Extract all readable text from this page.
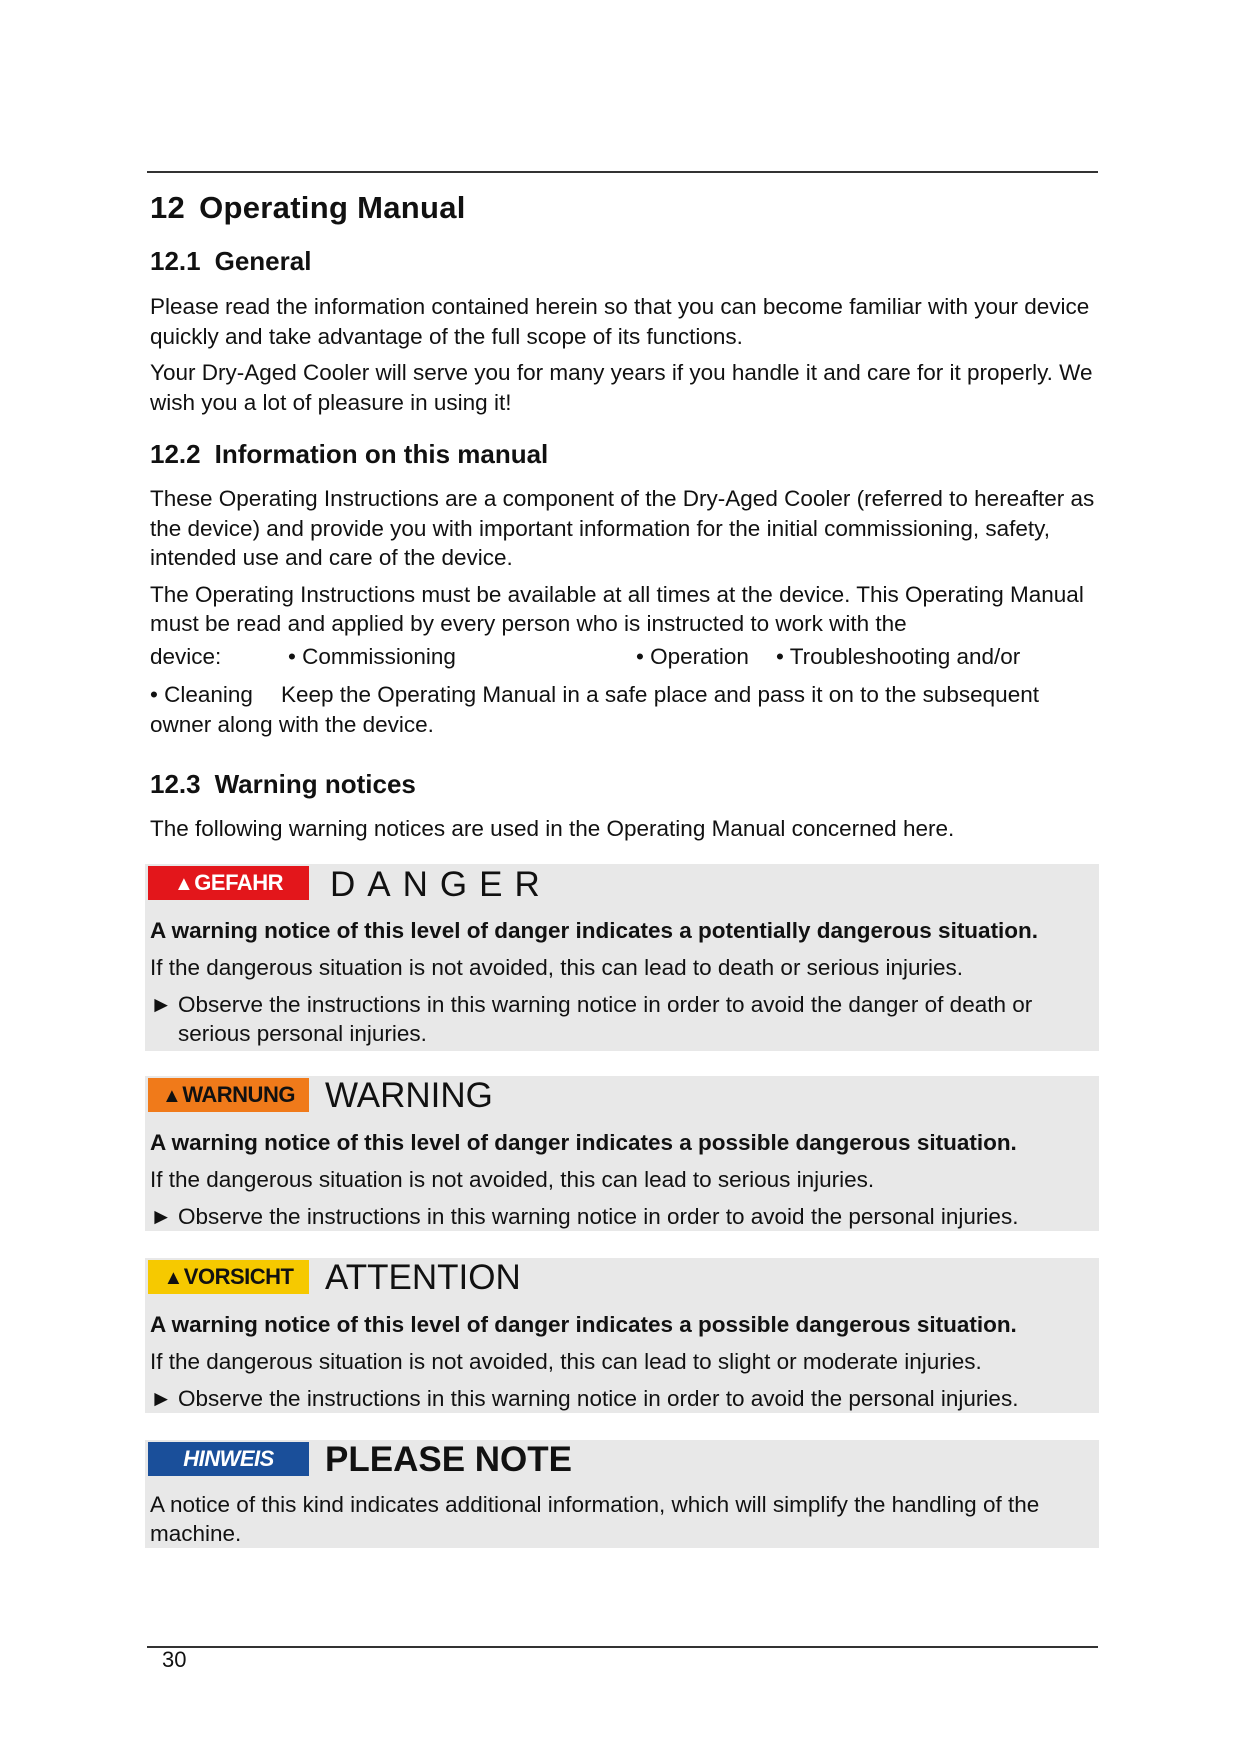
12 Operating Manual
12.1 General

Please read the information contained herein so that you can become familiar with your device quickly and take advantage of the full scope of its functions.

Your Dry-Aged Cooler will serve you for many years if you handle it and care for it properly. We wish you a lot of pleasure in using it!

12.2 Information on this manual

These Operating Instructions are a component of the Dry-Aged Cooler (referred to hereafter as the device) and provide you with important information for the initial commissioning, safety, intended use and care of the device.

The Operating Instructions must be available at all times at the device. This Operating Manual must be read and applied by every person who is instructed to work with the

device:	• Commissioning	• Operation	• Troubleshooting and/or
• Cleaning Keep the Operating Manual in a safe place and pass it on to the subsequent owner along with the device.
12.3 Warning notices

The following warning notices are used in the Operating Manual concerned here.

▲GEFAHR	DANGER
A warning notice of this level of danger indicates a potentially dangerous situation.
If the dangerous situation is not avoided, this can lead to death or serious injuries.
► Observe the instructions in this warning notice in order to avoid the danger of death or serious personal injuries.
▲WARNUNG WARNING
A warning notice of this level of danger indicates a possible dangerous situation.
If the dangerous situation is not avoided, this can lead to serious injuries.
► Observe the instructions in this warning notice in order to avoid the personal injuries.
▲VORSICHT ATTENTION
A warning notice of this level of danger indicates a possible dangerous situation.
If the dangerous situation is not avoided, this can lead to slight or moderate injuries.
► Observe the instructions in this warning notice in order to avoid the personal injuries.
HINWEIS	PLEASE NOTE
A notice of this kind indicates additional information, which will simplify the handling of the machine.
30
